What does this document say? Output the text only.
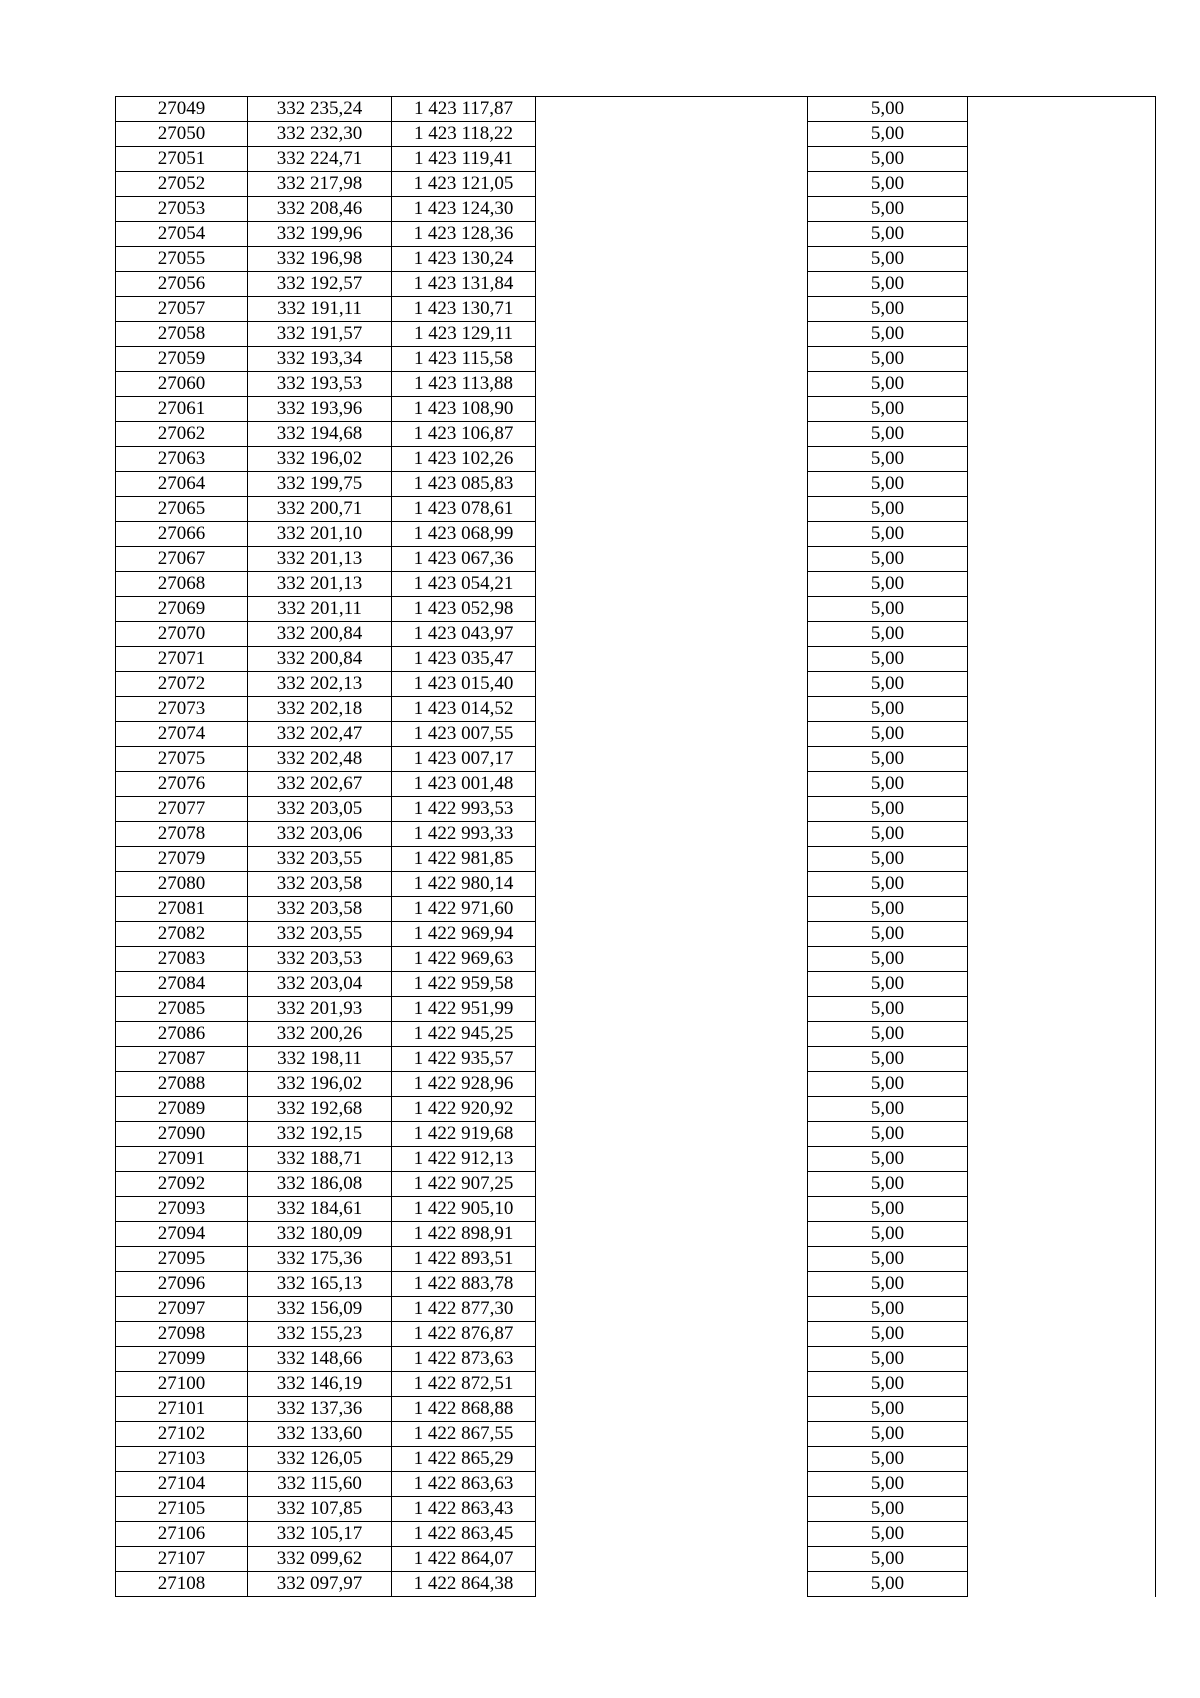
27049	332 235,24	1 423 117,87		5,00	
27050	332 232,30	1 423 118,22		5,00	
27051	332 224,71	1 423 119,41		5,00	
27052	332 217,98	1 423 121,05		5,00	
27053	332 208,46	1 423 124,30		5,00	
27054	332 199,96	1 423 128,36		5,00	
27055	332 196,98	1 423 130,24		5,00	
27056	332 192,57	1 423 131,84		5,00	
27057	332 191,11	1 423 130,71		5,00	
27058	332 191,57	1 423 129,11		5,00	
27059	332 193,34	1 423 115,58		5,00	
27060	332 193,53	1 423 113,88		5,00	
27061	332 193,96	1 423 108,90		5,00	
27062	332 194,68	1 423 106,87		5,00	
27063	332 196,02	1 423 102,26		5,00	
27064	332 199,75	1 423 085,83		5,00	
27065	332 200,71	1 423 078,61		5,00	
27066	332 201,10	1 423 068,99		5,00	
27067	332 201,13	1 423 067,36		5,00	
27068	332 201,13	1 423 054,21		5,00	
27069	332 201,11	1 423 052,98		5,00	
27070	332 200,84	1 423 043,97		5,00	
27071	332 200,84	1 423 035,47		5,00	
27072	332 202,13	1 423 015,40		5,00	
27073	332 202,18	1 423 014,52		5,00	
27074	332 202,47	1 423 007,55		5,00	
27075	332 202,48	1 423 007,17		5,00	
27076	332 202,67	1 423 001,48		5,00	
27077	332 203,05	1 422 993,53		5,00	
27078	332 203,06	1 422 993,33		5,00	
27079	332 203,55	1 422 981,85		5,00	
27080	332 203,58	1 422 980,14		5,00	
27081	332 203,58	1 422 971,60		5,00	
27082	332 203,55	1 422 969,94		5,00	
27083	332 203,53	1 422 969,63		5,00	
27084	332 203,04	1 422 959,58		5,00	
27085	332 201,93	1 422 951,99		5,00	
27086	332 200,26	1 422 945,25		5,00	
27087	332 198,11	1 422 935,57		5,00	
27088	332 196,02	1 422 928,96		5,00	
27089	332 192,68	1 422 920,92		5,00	
27090	332 192,15	1 422 919,68		5,00	
27091	332 188,71	1 422 912,13		5,00	
27092	332 186,08	1 422 907,25		5,00	
27093	332 184,61	1 422 905,10		5,00	
27094	332 180,09	1 422 898,91		5,00	
27095	332 175,36	1 422 893,51		5,00	
27096	332 165,13	1 422 883,78		5,00	
27097	332 156,09	1 422 877,30		5,00	
27098	332 155,23	1 422 876,87		5,00	
27099	332 148,66	1 422 873,63		5,00	
27100	332 146,19	1 422 872,51		5,00	
27101	332 137,36	1 422 868,88		5,00	
27102	332 133,60	1 422 867,55		5,00	
27103	332 126,05	1 422 865,29		5,00	
27104	332 115,60	1 422 863,63		5,00	
27105	332 107,85	1 422 863,43		5,00	
27106	332 105,17	1 422 863,45		5,00	
27107	332 099,62	1 422 864,07		5,00	
27108	332 097,97	1 422 864,38		5,00	
